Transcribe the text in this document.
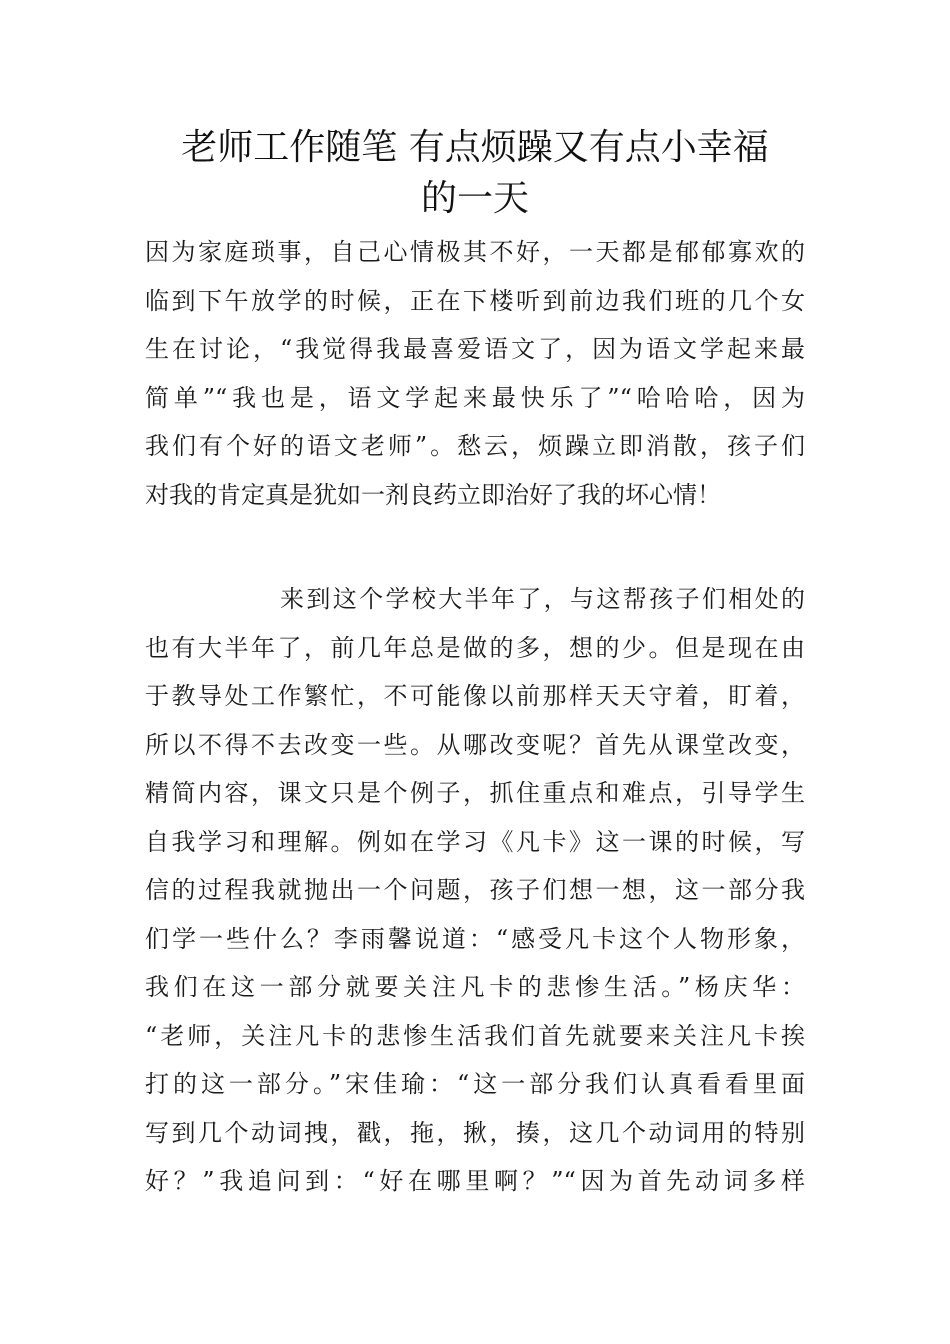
老师工作随笔 有点烦躁又有点小幸福
的一天
因为家庭琐事，自己心情极其不好，一天都是郁郁寡欢的
临到下午放学的时候，正在下楼听到前边我们班的几个女
生在讨论，“我觉得我最喜爱语文了，因为语文学起来最
简单”“我也是，语文学起来最快乐了”“哈哈哈，因为
我们有个好的语文老师”。愁云，烦躁立即消散，孩子们
对我的肯定真是犹如一剂良药立即治好了我的坏心情！
来到这个学校大半年了，与这帮孩子们相处的
也有大半年了，前几年总是做的多，想的少。但是现在由
于教导处工作繁忙，不可能像以前那样天天守着，盯着，
所以不得不去改变一些。从哪改变呢？首先从课堂改变，
精简内容，课文只是个例子，抓住重点和难点，引导学生
自我学习和理解。例如在学习《凡卡》这一课的时候，写
信的过程我就抛出一个问题，孩子们想一想，这一部分我
们学一些什么？李雨馨说道：“感受凡卡这个人物形象，
我们在这一部分就要关注凡卡的悲惨生活。”杨庆华：
“老师，关注凡卡的悲惨生活我们首先就要来关注凡卡挨
打的这一部分。”宋佳瑜：“这一部分我们认真看看里面
写到几个动词拽，戳，拖，揪，揍，这几个动词用的特别
好？”我追问到：“好在哪里啊？”“因为首先动词多样
